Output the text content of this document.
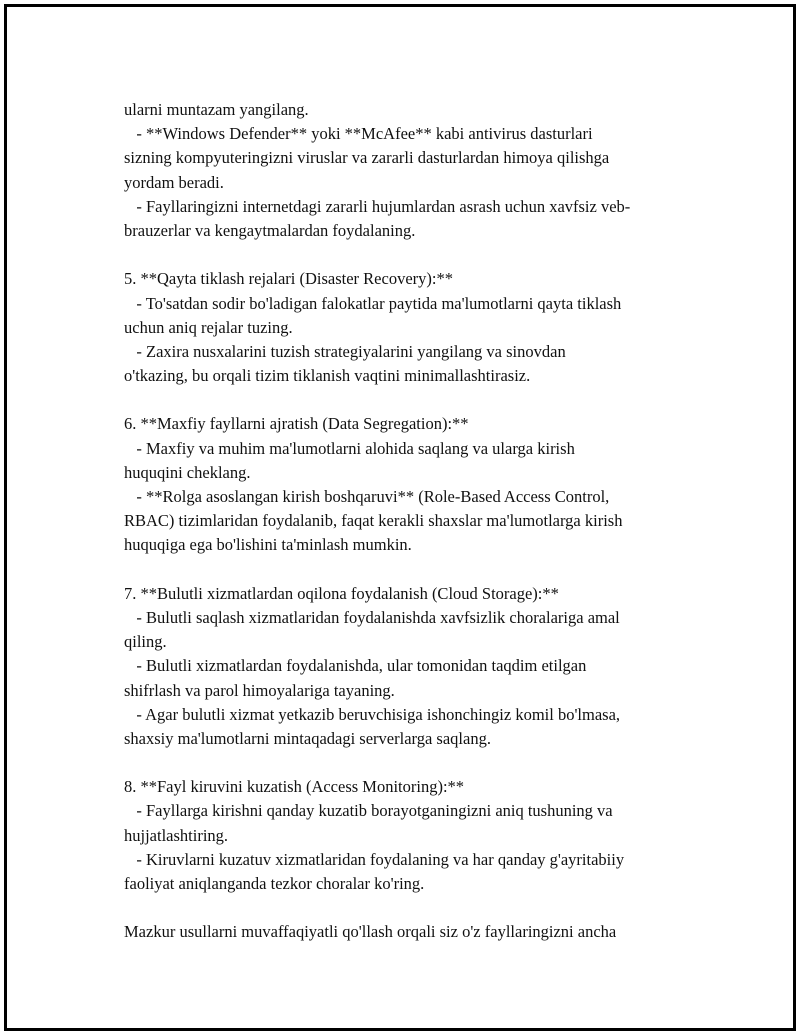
ularni muntazam yangilang.
- **Windows Defender** yoki **McAfee** kabi antivirus dasturlari
sizning kompyuteringizni viruslar va zararli dasturlardan himoya qilishga
yordam beradi.
- Fayllaringizni internetdagi zararli hujumlardan asrash uchun xavfsiz veb-
brauzerlar va kengaytmalardan foydalaning.
5. **Qayta tiklash rejalari (Disaster Recovery):**
- To'satdan sodir bo'ladigan falokatlar paytida ma'lumotlarni qayta tiklash
uchun aniq rejalar tuzing.
- Zaxira nusxalarini tuzish strategiyalarini yangilang va sinovdan
o'tkazing, bu orqali tizim tiklanish vaqtini minimallashtirasiz.
6. **Maxfiy fayllarni ajratish (Data Segregation):**
- Maxfiy va muhim ma'lumotlarni alohida saqlang va ularga kirish
huquqini cheklang.
- **Rolga asoslangan kirish boshqaruvi** (Role-Based Access Control,
RBAC) tizimlaridan foydalanib, faqat kerakli shaxslar ma'lumotlarga kirish
huquqiga ega bo'lishini ta'minlash mumkin.
7. **Bulutli xizmatlardan oqilona foydalanish (Cloud Storage):**
- Bulutli saqlash xizmatlaridan foydalanishda xavfsizlik choralariga amal
qiling.
- Bulutli xizmatlardan foydalanishda, ular tomonidan taqdim etilgan
shifrlash va parol himoyalariga tayaning.
- Agar bulutli xizmat yetkazib beruvchisiga ishonchingiz komil bo'lmasa,
shaxsiy ma'lumotlarni mintaqadagi serverlarga saqlang.
8. **Fayl kiruvini kuzatish (Access Monitoring):**
- Fayllarga kirishni qanday kuzatib borayotganingizni aniq tushuning va
hujjatlashtiring.
- Kiruvlarni kuzatuv xizmatlaridan foydalaning va har qanday g'ayritabiiy
faoliyat aniqlanganda tezkor choralar ko'ring.
Mazkur usullarni muvaffaqiyatli qo'llash orqali siz o'z fayllaringizni ancha
